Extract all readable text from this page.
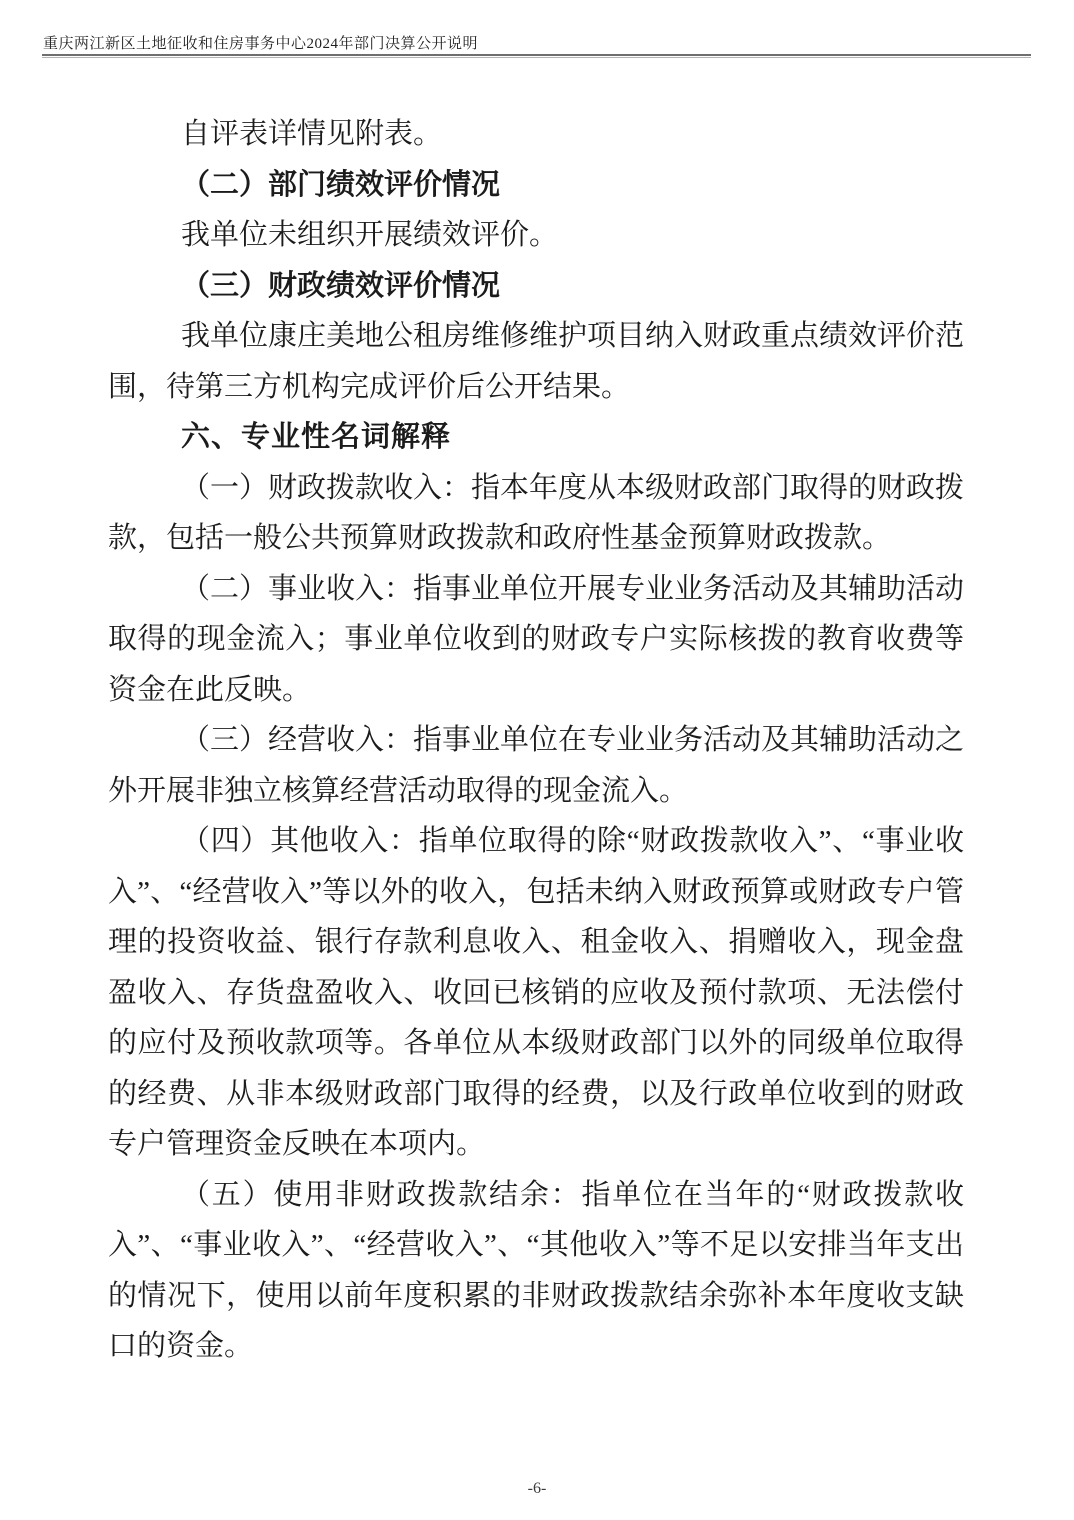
重庆两江新区土地征收和住房事务中心2024年部门决算公开说明

自评表详情见附表。

（二）部门绩效评价情况

我单位未组织开展绩效评价。

（三）财政绩效评价情况

我单位康庄美地公租房维修维护项目纳入财政重点绩效评价范围，待第三方机构完成评价后公开结果。

六、专业性名词解释

（一）财政拨款收入：指本年度从本级财政部门取得的财政拨款，包括一般公共预算财政拨款和政府性基金预算财政拨款。

（二）事业收入：指事业单位开展专业业务活动及其辅助活动取得的现金流入；事业单位收到的财政专户实际核拨的教育收费等资金在此反映。

（三）经营收入：指事业单位在专业业务活动及其辅助活动之外开展非独立核算经营活动取得的现金流入。

（四）其他收入：指单位取得的除“财政拨款收入”、“事业收入”、“经营收入”等以外的收入，包括未纳入财政预算或财政专户管理的投资收益、银行存款利息收入、租金收入、捐赠收入，现金盘盈收入、存货盘盈收入、收回已核销的应收及预付款项、无法偿付的应付及预收款项等。各单位从本级财政部门以外的同级单位取得的经费、从非本级财政部门取得的经费，以及行政单位收到的财政专户管理资金反映在本项内。

（五）使用非财政拨款结余：指单位在当年的“财政拨款收入”、“事业收入”、“经营收入”、“其他收入”等不足以安排当年支出的情况下，使用以前年度积累的非财政拨款结余弥补本年度收支缺口的资金。

-6-
